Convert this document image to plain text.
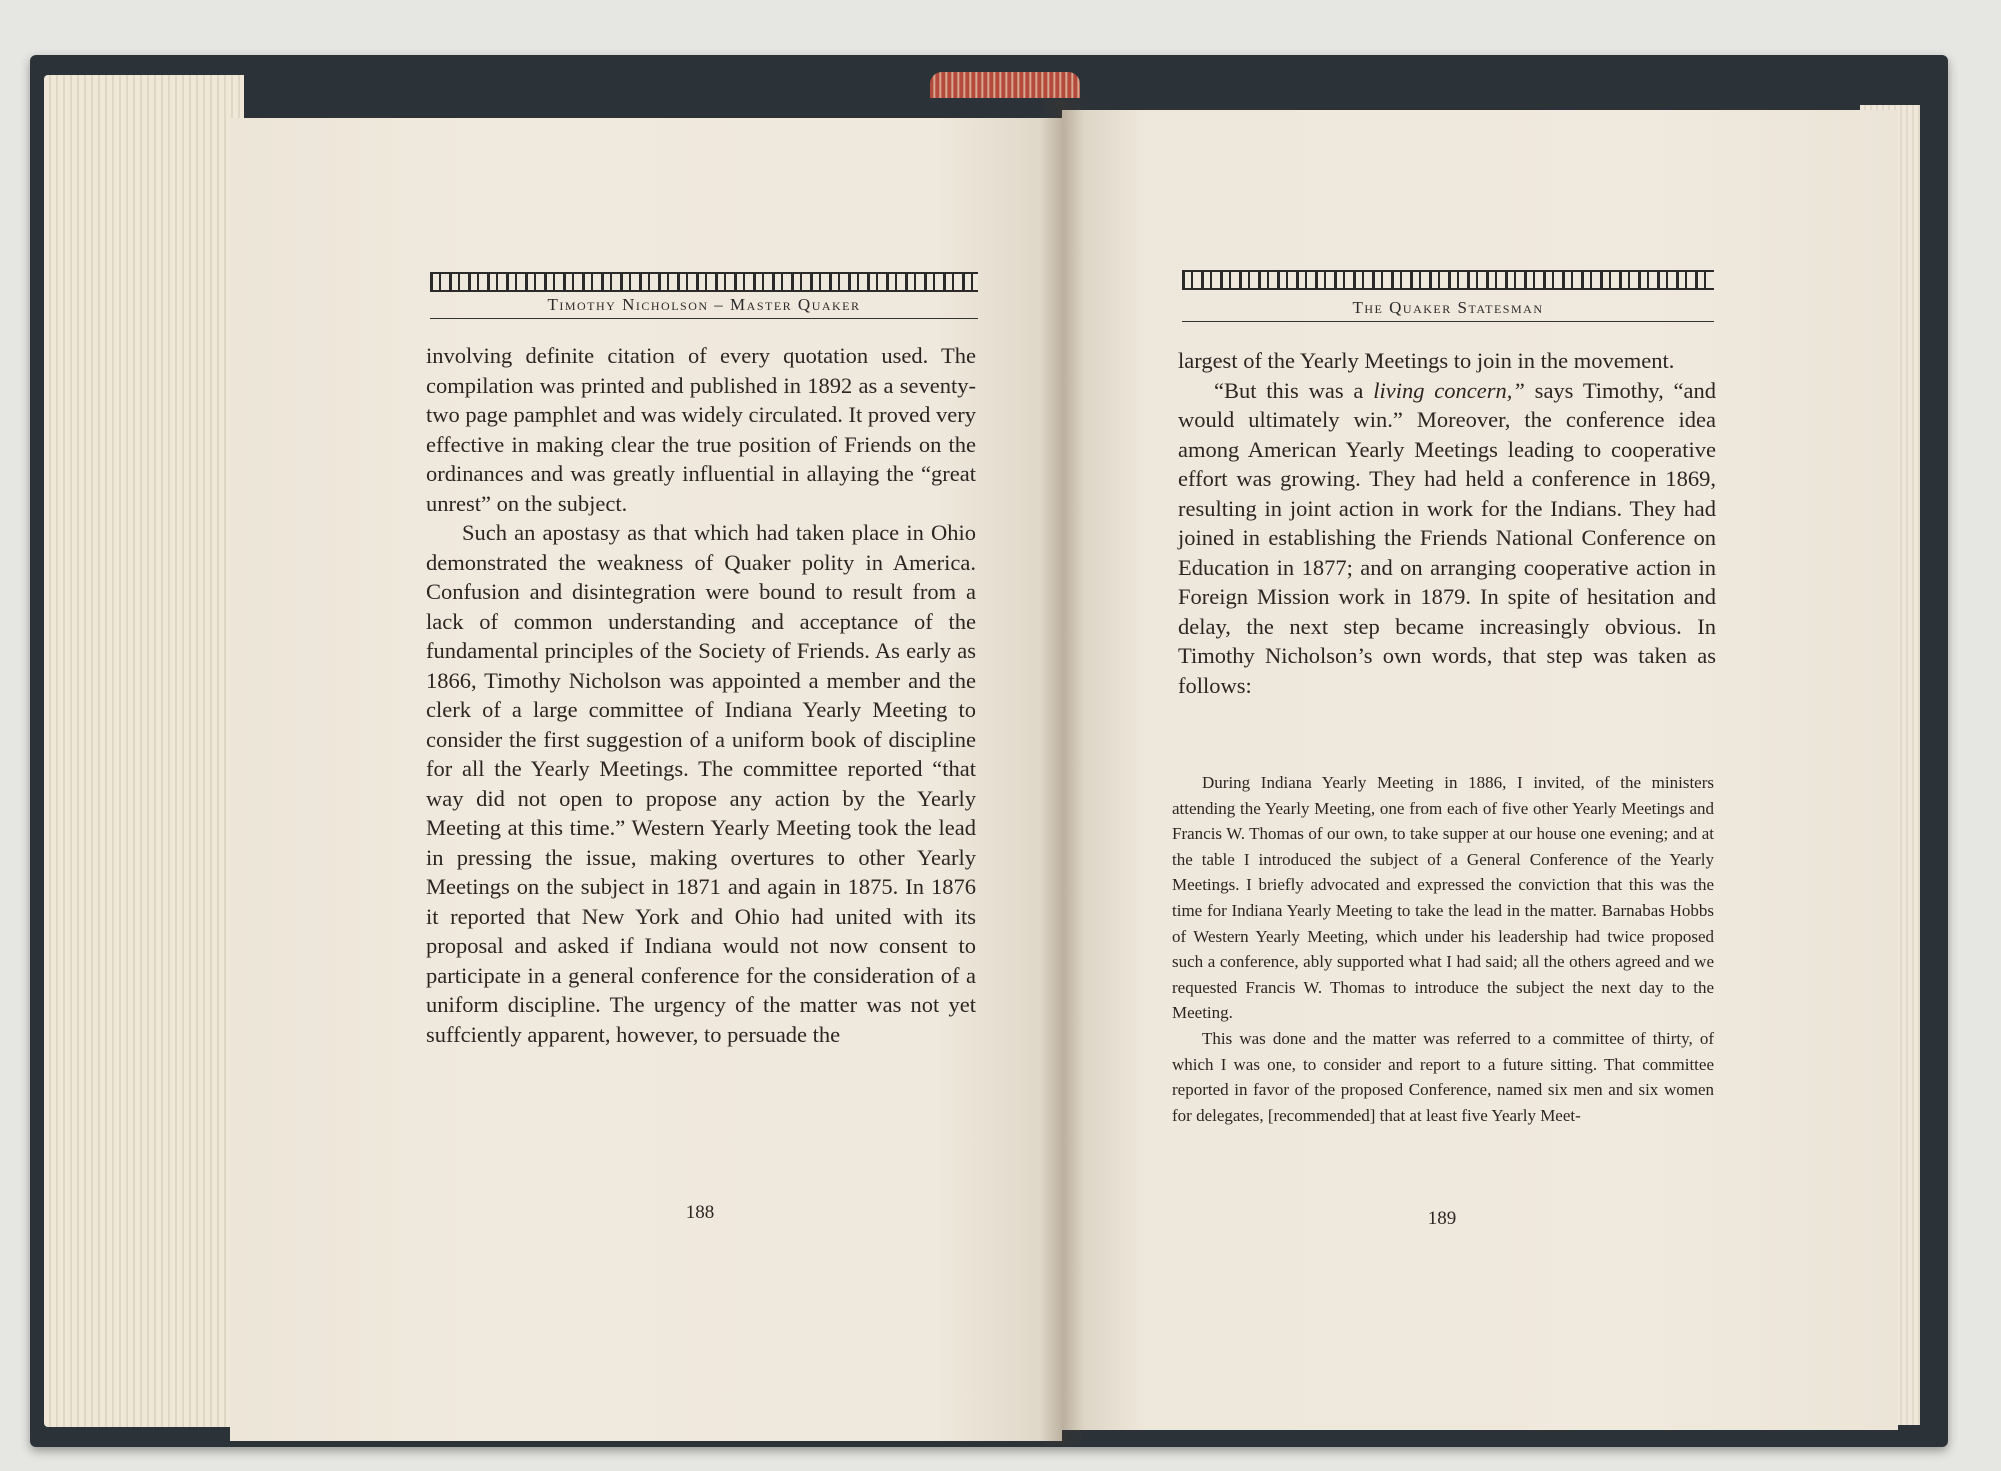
Timothy Nicholson – Master Quaker

involving definite citation of every quotation used. The compilation was printed and published in 1892 as a seventy-two page pamphlet and was widely circulated. It proved very effective in making clear the true position of Friends on the ordinances and was greatly influential in allaying the “great unrest” on the subject.

Such an apostasy as that which had taken place in Ohio demonstrated the weakness of Quaker polity in America. Confusion and disintegration were bound to result from a lack of common understanding and acceptance of the fundamental principles of the Society of Friends. As early as 1866, Timothy Nicholson was appointed a member and the clerk of a large committee of Indiana Yearly Meeting to consider the first suggestion of a uniform book of discipline for all the Yearly Meetings. The committee reported “that way did not open to propose any action by the Yearly Meeting at this time.” Western Yearly Meeting took the lead in pressing the issue, making overtures to other Yearly Meetings on the subject in 1871 and again in 1875. In 1876 it reported that New York and Ohio had united with its proposal and asked if Indiana would not now consent to participate in a general conference for the consideration of a uniform discipline. The urgency of the matter was not yet suffciently apparent, however, to persuade the

188
The Quaker Statesman

largest of the Yearly Meetings to join in the movement.

“But this was a living concern,” says Timothy, “and would ultimately win.” Moreover, the conference idea among American Yearly Meetings leading to cooperative effort was growing. They had held a conference in 1869, resulting in joint action in work for the Indians. They had joined in establishing the Friends National Conference on Education in 1877; and on arranging cooperative action in Foreign Mission work in 1879. In spite of hesitation and delay, the next step became increasingly obvious. In Timothy Nicholson’s own words, that step was taken as follows:

During Indiana Yearly Meeting in 1886, I invited, of the ministers attending the Yearly Meeting, one from each of five other Yearly Meetings and Francis W. Thomas of our own, to take supper at our house one evening; and at the table I introduced the subject of a General Conference of the Yearly Meetings. I briefly advocated and expressed the conviction that this was the time for Indiana Yearly Meeting to take the lead in the matter. Barnabas Hobbs of Western Yearly Meeting, which under his leadership had twice proposed such a conference, ably supported what I had said; all the others agreed and we requested Francis W. Thomas to introduce the subject the next day to the Meeting.

This was done and the matter was referred to a committee of thirty, of which I was one, to consider and report to a future sitting. That committee reported in favor of the proposed Conference, named six men and six women for delegates, [recommended] that at least five Yearly Meet-

189
